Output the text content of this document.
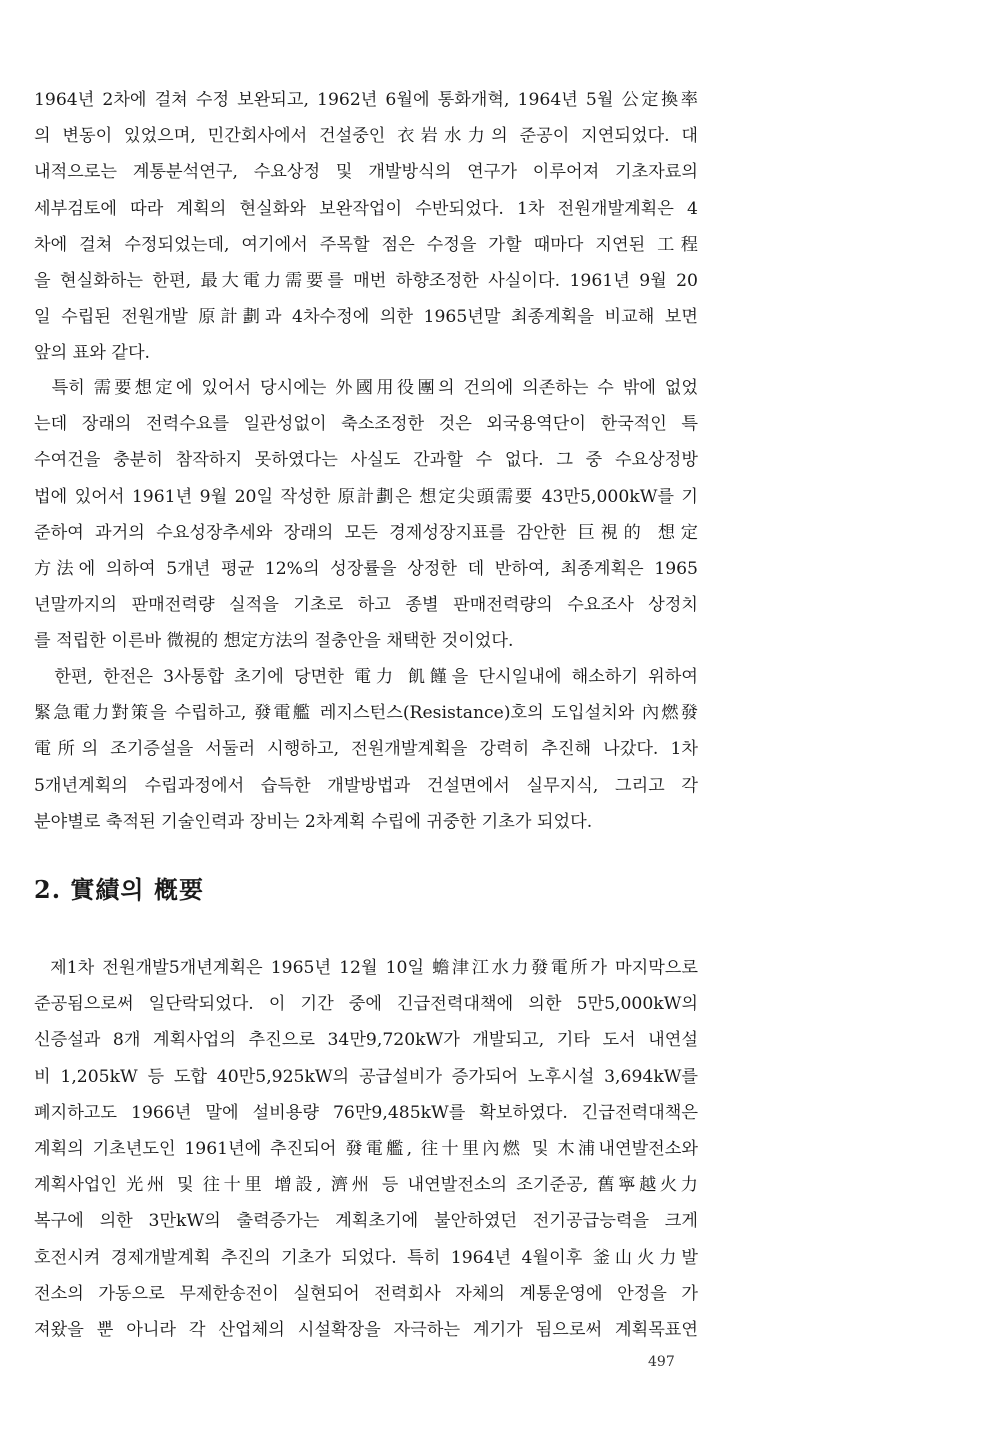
1964년 2차에 걸쳐 수정 보완되고, 1962년 6월에 통화개혁, 1964년 5월 公定換率
의 변동이 있었으며, 민간회사에서 건설중인 衣岩水力의 준공이 지연되었다. 대
내적으로는 계통분석연구, 수요상정 및 개발방식의 연구가 이루어져 기초자료의
세부검토에 따라 계획의 현실화와 보완작업이 수반되었다. 1차 전원개발계획은 4
차에 걸쳐 수정되었는데, 여기에서 주목할 점은 수정을 가할 때마다 지연된 工程
을 현실화하는 한편, 最大電力需要를 매번 하향조정한 사실이다. 1961년 9월 20
일 수립된 전원개발 原計劃과 4차수정에 의한 1965년말 최종계획을 비교해 보면
앞의 표와 같다.
특히 需要想定에 있어서 당시에는 外國用役團의 건의에 의존하는 수 밖에 없었
는데 장래의 전력수요를 일관성없이 축소조정한 것은 외국용역단이 한국적인 특
수여건을 충분히 참작하지 못하였다는 사실도 간과할 수 없다. 그 중 수요상정방
법에 있어서 1961년 9월 20일 작성한 原計劃은 想定尖頭需要 43만5,000kW를 기
준하여 과거의 수요성장추세와 장래의 모든 경제성장지표를 감안한 巨視的 想定
方法에 의하여 5개년 평균 12%의 성장률을 상정한 데 반하여, 최종계획은 1965
년말까지의 판매전력량 실적을 기초로 하고 종별 판매전력량의 수요조사 상정치
를 적립한 이른바 微視的 想定方法의 절충안을 채택한 것이었다.
한편, 한전은 3사통합 초기에 당면한 電力 飢饉을 단시일내에 해소하기 위하여
緊急電力對策을 수립하고, 發電艦 레지스턴스(Resistance)호의 도입설치와 內燃發
電所의 조기증설을 서둘러 시행하고, 전원개발계획을 강력히 추진해 나갔다. 1차
5개년계획의 수립과정에서 습득한 개발방법과 건설면에서 실무지식, 그리고 각
분야별로 축적된 기술인력과 장비는 2차계획 수립에 귀중한 기초가 되었다.
2. 實績의 槪要
제1차 전원개발5개년계획은 1965년 12월 10일 蟾津江水力發電所가 마지막으로
준공됨으로써 일단락되었다. 이 기간 중에 긴급전력대책에 의한 5만5,000kW의
신증설과 8개 계획사업의 추진으로 34만9,720kW가 개발되고, 기타 도서 내연설
비 1,205kW 등 도합 40만5,925kW의 공급설비가 증가되어 노후시설 3,694kW를
폐지하고도 1966년 말에 설비용량 76만9,485kW를 확보하였다. 긴급전력대책은
계획의 기초년도인 1961년에 추진되어 發電艦, 往十里內燃 및 木浦내연발전소와
계획사업인 光州 및 往十里 增設, 濟州 등 내연발전소의 조기준공, 舊寧越火力
복구에 의한 3만kW의 출력증가는 계획초기에 불안하였던 전기공급능력을 크게
호전시켜 경제개발계획 추진의 기초가 되었다. 특히 1964년 4월이후 釜山火力발
전소의 가동으로 무제한송전이 실현되어 전력회사 자체의 계통운영에 안정을 가
져왔을 뿐 아니라 각 산업체의 시설확장을 자극하는 계기가 됨으로써 계획목표연
497
